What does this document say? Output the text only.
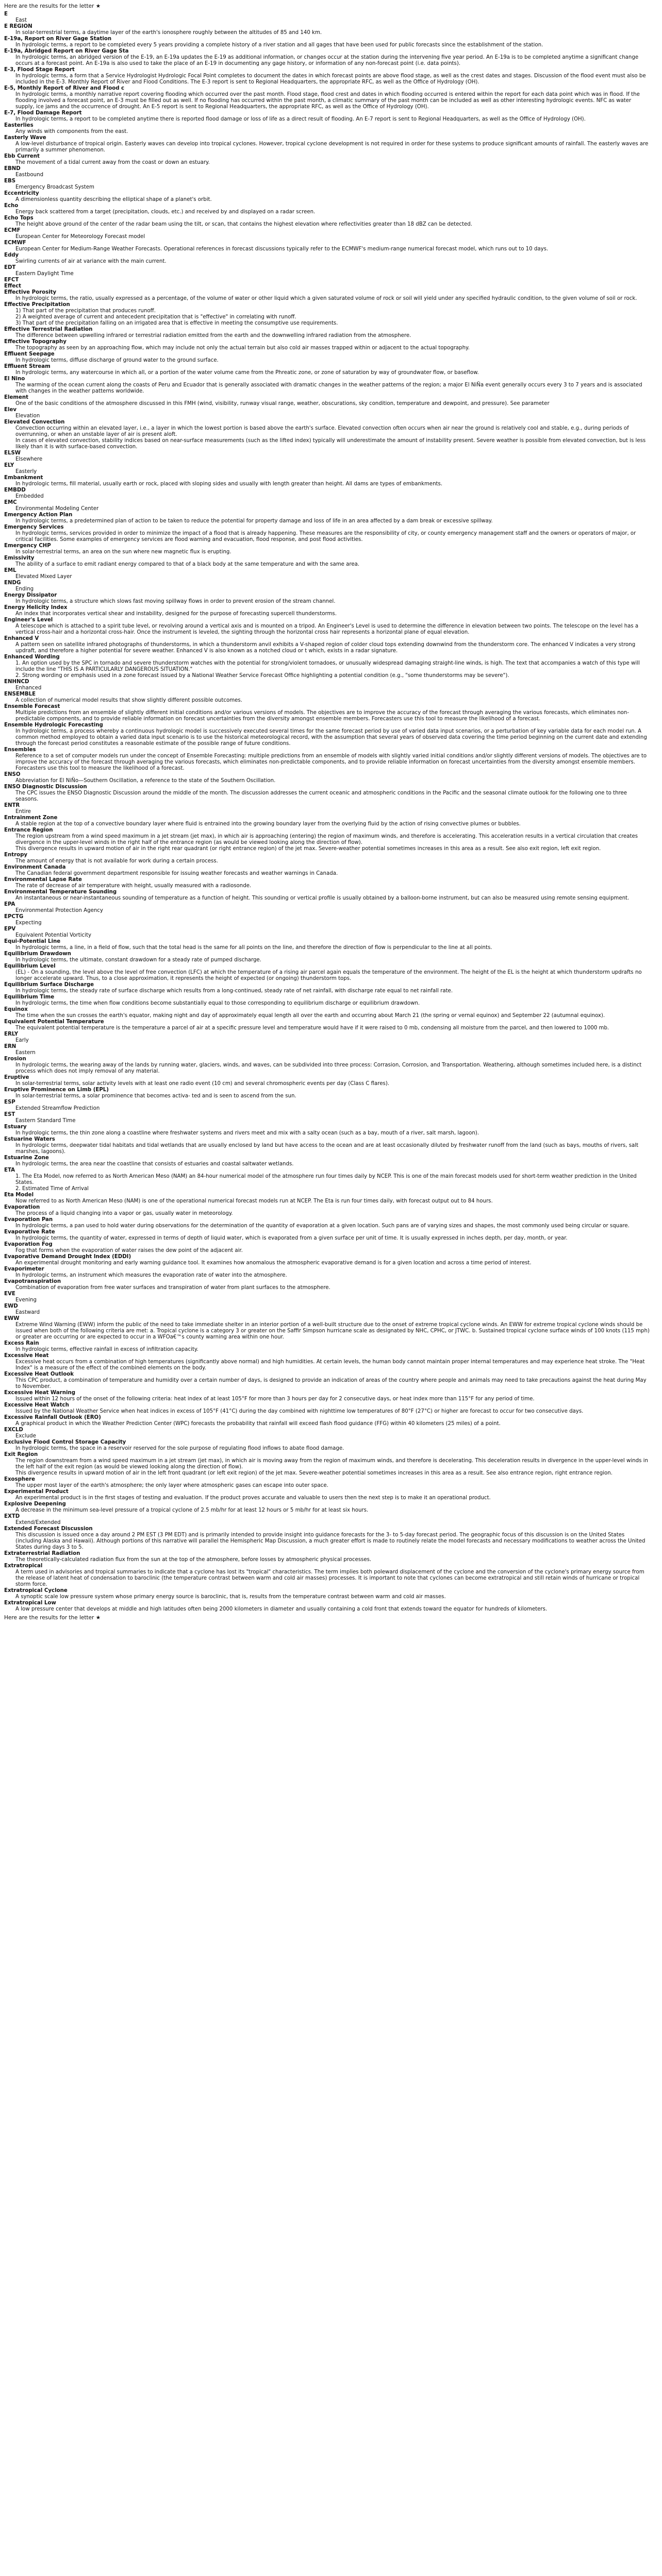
Here are the results for the letter ★
E
East
E REGION
In solar-terrestrial terms, a daytime layer of the earth's ionosphere roughly between the altitudes of 85 and 140 km.
E-19a, Report on River Gage Station
In hydrologic terms, a report to be completed every 5 years providing a complete history of a river station and all gages that have been used for public forecasts since the establishment of the station.
E-19a, Abridged Report on River Gage Sta
In hydrologic terms, an abridged version of the E-19, an E-19a updates the E-19 as additional information, or changes occur at the station during the intervening five year period. An E-19a is to be completed anytime a significant change occurs at a forecast point. An E-19a is also used to take the place of an E-19 in documenting any gage history, or information of any non-forecast point (i.e. data points).
E-3, Flood Stage Report
In hydrologic terms, a form that a Service Hydrologist Hydrologic Focal Point completes to document the dates in which forecast points are above flood stage, as well as the crest dates and stages. Discussion of the flood event must also be included in the E-3. Monthly Report of River and Flood Conditions. The E-3 report is sent to Regional Headquarters, the appropriate RFC, as well as the Office of Hydrology (OH).
E-5, Monthly Report of River and Flood c
In hydrologic terms, a monthly narrative report covering flooding which occurred over the past month. Flood stage, flood crest and dates in which flooding occurred is entered within the report for each data point which was in flood. If the flooding involved a forecast point, an E-3 must be filled out as well. If no flooding has occurred within the past month, a climatic summary of the past month can be included as well as other interesting hydrologic events. NFC as water supply, ice jams and the occurrence of drought. An E-5 report is sent to Regional Headquarters, the appropriate RFC, as well as the Office of Hydrology (OH).
E-7, Flood Damage Report
In hydrologic terms, a report to be completed anytime there is reported flood damage or loss of life as a direct result of flooding. An E-7 report is sent to Regional Headquarters, as well as the Office of Hydrology (OH).
Easterlies
Any winds with components from the east.
Easterly Wave
A low-level disturbance of tropical origin. Easterly waves can develop into tropical cyclones. However, tropical cyclone development is not required in order for these systems to produce significant amounts of rainfall. The easterly waves are primarily a summer phenomenon.
Ebb Current
The movement of a tidal current away from the coast or down an estuary.
EBND
Eastbound
EBS
Emergency Broadcast System
Eccentricity
A dimensionless quantity describing the elliptical shape of a planet's orbit.
Echo
Energy back scattered from a target (precipitation, clouds, etc.) and received by and displayed on a radar screen.
Echo Tops
The height above ground of the center of the radar beam using the tilt, or scan, that contains the highest elevation where reflectivities greater than 18 dBZ can be detected.
ECMF
European Center for Meteorology Forecast model
ECMWF
European Center for Medium-Range Weather Forecasts. Operational references in forecast discussions typically refer to the ECMWF's medium-range numerical forecast model, which runs out to 10 days.
Eddy
Swirling currents of air at variance with the main current.
EDT
Eastern Daylight Time
EFCT
Effect
Effective Porosity
In hydrologic terms, the ratio, usually expressed as a percentage, of the volume of water or other liquid which a given saturated volume of rock or soil will yield under any specified hydraulic condition, to the given volume of soil or rock.
Effective Precipitation
1) That part of the precipitation that produces runoff.
2) A weighted average of current and antecedent precipitation that is "effective" in correlating with runoff.
3) That part of the precipitation falling on an irrigated area that is effective in meeting the consumptive use requirements.
Effective Terrestrial Radiation
The difference between upwelling infrared or terrestrial radiation emitted from the earth and the downwelling infrared radiation from the atmosphere.
Effective Topography
The topography as seen by an approaching flow, which may include not only the actual terrain but also cold air masses trapped within or adjacent to the actual topography.
Effluent Seepage
In hydrologic terms, diffuse discharge of ground water to the ground surface.
Effluent Stream
In hydrologic terms, any watercourse in which all, or a portion of the water volume came from the Phreatic zone, or zone of saturation by way of groundwater flow, or baseflow.
El Nino
The warming of the ocean current along the coasts of Peru and Ecuador that is generally associated with dramatic changes in the weather patterns of the region; a major El NiÑa event generally occurs every 3 to 7 years and is associated with changes in the weather patterns worldwide.
Element
One of the basic conditions of the atmosphere discussed in this FMH (wind, visibility, runway visual range, weather, obscurations, sky condition, temperature and dewpoint, and pressure). See parameter
Elev
Elevation
Elevated Convection
Convection occurring within an elevated layer, i.e., a layer in which the lowest portion is based above the earth's surface. Elevated convection often occurs when air near the ground is relatively cool and stable, e.g., during periods of overrunning, or when an unstable layer of air is present aloft.
In cases of elevated convection, stability indices based on near-surface measurements (such as the lifted index) typically will underestimate the amount of instability present. Severe weather is possible from elevated convection, but is less likely than it is with surface-based convection.
ELSW
Elsewhere
ELY
Easterly
Embankment
In hydrologic terms, fill material, usually earth or rock, placed with sloping sides and usually with length greater than height. All dams are types of embankments.
EMBDD
Embedded
EMC
Environmental Modeling Center
Emergency Action Plan
In hydrologic terms, a predetermined plan of action to be taken to reduce the potential for property damage and loss of life in an area affected by a dam break or excessive spillway.
Emergency Services
In hydrologic terms, services provided in order to minimize the impact of a flood that is already happening. These measures are the responsibility of city, or county emergency management staff and the owners or operators of major, or critical facilities. Some examples of emergency services are flood warning and evacuation, flood response, and post flood activities.
Emergency CHP
In solar-terrestrial terms, an area on the sun where new magnetic flux is erupting.
Emissivity
The ability of a surface to emit radiant energy compared to that of a black body at the same temperature and with the same area.
EML
Elevated Mixed Layer
ENDG
Ending
Energy Dissipator
In hydrologic terms, a structure which slows fast moving spillway flows in order to prevent erosion of the stream channel.
Energy Helicity Index
An index that incorporates vertical shear and instability, designed for the purpose of forecasting supercell thunderstorms.
Engineer's Level
A telescope which is attached to a spirit tube level, or revolving around a vertical axis and is mounted on a tripod. An Engineer's Level is used to determine the difference in elevation between two points. The telescope on the level has a vertical cross-hair and a horizontal cross-hair. Once the instrument is leveled, the sighting through the horizontal cross hair represents a horizontal plane of equal elevation.
Enhanced V
A pattern seen on satellite infrared photographs of thunderstorms, in which a thunderstorm anvil exhibits a V-shaped region of colder cloud tops extending downwind from the thunderstorm core. The enhanced V indicates a very strong updraft, and therefore a higher potential for severe weather. Enhanced V is also known as a notched cloud or t which, exists in a radar signature.
Enhanced Wording
1. An option used by the SPC in tornado and severe thunderstorm watches with the potential for strong/violent tornadoes, or unusually widespread damaging straight-line winds, is high. The text that accompanies a watch of this type will include the line "THIS IS A PARTICULARLY DANGEROUS SITUATION."
2. Strong wording or emphasis used in a zone forecast issued by a National Weather Service Forecast Office highlighting a potential condition (e.g., "some thunderstorms may be severe").
ENHNCD
Enhanced
ENSEMBLE
A collection of numerical model results that show slightly different possible outcomes.
Ensemble Forecast
Multiple predictions from an ensemble of slightly different initial conditions and/or various versions of models. The objectives are to improve the accuracy of the forecast through averaging the various forecasts, which eliminates non-predictable components, and to provide reliable information on forecast uncertainties from the diversity amongst ensemble members. Forecasters use this tool to measure the likelihood of a forecast.
Ensemble Hydrologic Forecasting
In hydrologic terms, a process whereby a continuous hydrologic model is successively executed several times for the same forecast period by use of varied data input scenarios, or a perturbation of key variable data for each model run. A common method employed to obtain a varied data input scenario is to use the historical meteorological record, with the assumption that several years of observed data covering the time period beginning on the current date and extending through the forecast period constitutes a reasonable estimate of the possible range of future conditions.
Ensembles
Reference to a set of computer models run under the concept of Ensemble Forecasting: multiple predictions from an ensemble of models with slightly varied initial conditions and/or slightly different versions of models. The objectives are to improve the accuracy of the forecast through averaging the various forecasts, which eliminates non-predictable components, and to provide reliable information on forecast uncertainties from the diversity amongst ensemble members. Forecasters use this tool to measure the likelihood of a forecast.
ENSO
Abbreviation for El NiÑo—Southern Oscillation, a reference to the state of the Southern Oscillation.
ENSO Diagnostic Discussion
The CPC issues the ENSO Diagnostic Discussion around the middle of the month. The discussion addresses the current oceanic and atmospheric conditions in the Pacific and the seasonal climate outlook for the following one to three seasons.
ENTR
Entire
Entrainment Zone
A stable region at the top of a convective boundary layer where fluid is entrained into the growing boundary layer from the overlying fluid by the action of rising convective plumes or bubbles.
Entrance Region
The region upstream from a wind speed maximum in a jet stream (jet max), in which air is approaching (entering) the region of maximum winds, and therefore is accelerating. This acceleration results in a vertical circulation that creates divergence in the upper-level winds in the right half of the entrance region (as would be viewed looking along the direction of flow).
This divergence results in upward motion of air in the right rear quadrant (or right entrance region) of the jet max. Severe-weather potential sometimes increases in this area as a result. See also exit region, left exit region.
Entropy
The amount of energy that is not available for work during a certain process.
Environment Canada
The Canadian federal government department responsible for issuing weather forecasts and weather warnings in Canada.
Environmental Lapse Rate
The rate of decrease of air temperature with height, usually measured with a radiosonde.
Environmental Temperature Sounding
An instantaneous or near-instantaneous sounding of temperature as a function of height. This sounding or vertical profile is usually obtained by a balloon-borne instrument, but can also be measured using remote sensing equipment.
EPA
Environmental Protection Agency
EPCTG
Expecting
EPV
Equivalent Potential Vorticity
Equi-Potential Line
In hydrologic terms, a line, in a field of flow, such that the total head is the same for all points on the line, and therefore the direction of flow is perpendicular to the line at all points.
Equilibrium Drawdown
In hydrologic terms, the ultimate, constant drawdown for a steady rate of pumped discharge.
Equilibrium Level
(EL) - On a sounding, the level above the level of free convection (LFC) at which the temperature of a rising air parcel again equals the temperature of the environment. The height of the EL is the height at which thunderstorm updrafts no longer accelerate upward. Thus, to a close approximation, it represents the height of expected (or ongoing) thunderstorm tops.
Equilibrium Surface Discharge
In hydrologic terms, the steady rate of surface discharge which results from a long-continued, steady rate of net rainfall, with discharge rate equal to net rainfall rate.
Equilibrium Time
In hydrologic terms, the time when flow conditions become substantially equal to those corresponding to equilibrium discharge or equilibrium drawdown.
Equinox
The time when the sun crosses the earth's equator, making night and day of approximately equal length all over the earth and occurring about March 21 (the spring or vernal equinox) and September 22 (autumnal equinox).
Equivalent Potential Temperature
The equivalent potential temperature is the temperature a parcel of air at a specific pressure level and temperature would have if it were raised to 0 mb, condensing all moisture from the parcel, and then lowered to 1000 mb.
ERLY
Early
ERN
Eastern
Erosion
In hydrologic terms, the wearing away of the lands by running water, glaciers, winds, and waves, can be subdivided into three process: Corrasion, Corrosion, and Transportation. Weathering, although sometimes included here, is a distinct process which does not imply removal of any material.
Eruptive
In solar-terrestrial terms, solar activity levels with at least one radio event (10 cm) and several chromospheric events per day (Class C flares).
Eruptive Prominence on Limb (EPL)
In solar-terrestrial terms, a solar prominence that becomes activa- ted and is seen to ascend from the sun.
ESP
Extended Streamflow Prediction
EST
Eastern Standard Time
Estuary
In hydrologic terms, the thin zone along a coastline where freshwater systems and rivers meet and mix with a salty ocean (such as a bay, mouth of a river, salt marsh, lagoon).
Estuarine Waters
In hydrologic terms, deepwater tidal habitats and tidal wetlands that are usually enclosed by land but have access to the ocean and are at least occasionally diluted by freshwater runoff from the land (such as bays, mouths of rivers, salt marshes, lagoons).
Estuarine Zone
In hydrologic terms, the area near the coastline that consists of estuaries and coastal saltwater wetlands.
ETA
1. The Eta Model, now referred to as North American Meso (NAM) an 84-hour numerical model of the atmosphere run four times daily by NCEP. This is one of the main forecast models used for short-term weather prediction in the United States.
2. Estimated Time of Arrival
Eta Model
Now referred to as North American Meso (NAM) is one of the operational numerical forecast models run at NCEP. The Eta is run four times daily, with forecast output out to 84 hours.
Evaporation
The process of a liquid changing into a vapor or gas, usually water in meteorology.
Evaporation Pan
In hydrologic terms, a pan used to hold water during observations for the determination of the quantity of evaporation at a given location. Such pans are of varying sizes and shapes, the most commonly used being circular or square.
Evaporative Rate
In hydrologic terms, the quantity of water, expressed in terms of depth of liquid water, which is evaporated from a given surface per unit of time. It is usually expressed in inches depth, per day, month, or year.
Evaporation Fog
Fog that forms when the evaporation of water raises the dew point of the adjacent air.
Evaporative Demand Drought Index (EDDI)
An experimental drought monitoring and early warning guidance tool. It examines how anomalous the atmospheric evaporative demand is for a given location and across a time period of interest.
Evaporimeter
In hydrologic terms, an instrument which measures the evaporation rate of water into the atmosphere.
Evapotranspiration
Combination of evaporation from free water surfaces and transpiration of water from plant surfaces to the atmosphere.
EVE
Evening
EWD
Eastward
EWW
Extreme Wind Warning (EWW) inform the public of the need to take immediate shelter in an interior portion of a well-built structure due to the onset of extreme tropical cyclone winds. An EWW for extreme tropical cyclone winds should be issued when both of the following criteria are met: a. Tropical cyclone is a category 3 or greater on the Saffir Simpson hurricane scale as designated by NHC, CPHC, or JTWC. b. Sustained tropical cyclone surface winds of 100 knots (115 mph) or greater are occurring or are expected to occur in a WFOa€™s county warning area within one hour.
Excess Rain
In hydrologic terms, effective rainfall in excess of infiltration capacity.
Excessive Heat
Excessive heat occurs from a combination of high temperatures (significantly above normal) and high humidities. At certain levels, the human body cannot maintain proper internal temperatures and may experience heat stroke. The "Heat Index" is a measure of the effect of the combined elements on the body.
Excessive Heat Outlook
This CPC product, a combination of temperature and humidity over a certain number of days, is designed to provide an indication of areas of the country where people and animals may need to take precautions against the heat during May to November.
Excessive Heat Warning
Issued within 12 hours of the onset of the following criteria: heat index of at least 105°F for more than 3 hours per day for 2 consecutive days, or heat index more than 115°F for any period of time.
Excessive Heat Watch
Issued by the National Weather Service when heat indices in excess of 105°F (41°C) during the day combined with nighttime low temperatures of 80°F (27°C) or higher are forecast to occur for two consecutive days.
Excessive Rainfall Outlook (ERO)
A graphical product in which the Weather Prediction Center (WPC) forecasts the probability that rainfall will exceed flash flood guidance (FFG) within 40 kilometers (25 miles) of a point.
EXCLD
Exclude
Exclusive Flood Control Storage Capacity
In hydrologic terms, the space in a reservoir reserved for the sole purpose of regulating flood inflows to abate flood damage.
Exit Region
The region downstream from a wind speed maximum in a jet stream (jet max), in which air is moving away from the region of maximum winds, and therefore is decelerating. This deceleration results in divergence in the upper-level winds in the left half of the exit region (as would be viewed looking along the direction of flow).
This divergence results in upward motion of air in the left front quadrant (or left exit region) of the jet max. Severe-weather potential sometimes increases in this area as a result. See also entrance region, right entrance region.
Exosphere
The upper most layer of the earth's atmosphere; the only layer where atmospheric gases can escape into outer space.
Experimental Product
An experimental product is in the first stages of testing and evaluation. If the product proves accurate and valuable to users then the next step is to make it an operational product.
Explosive Deepening
A decrease in the minimum sea-level pressure of a tropical cyclone of 2.5 mb/hr for at least 12 hours or 5 mb/hr for at least six hours.
EXTD
Extend/Extended
Extended Forecast Discussion
This discussion is issued once a day around 2 PM EST (3 PM EDT) and is primarily intended to provide insight into guidance forecasts for the 3- to 5-day forecast period. The geographic focus of this discussion is on the United States (including Alaska and Hawaii). Although portions of this narrative will parallel the Hemispheric Map Discussion, a much greater effort is made to routinely relate the model forecasts and necessary modifications to weather across the United States during days 3 to 5.
Extraterrestrial Radiation
The theoretically-calculated radiation flux from the sun at the top of the atmosphere, before losses by atmospheric physical processes.
Extratropical
A term used in advisories and tropical summaries to indicate that a cyclone has lost its "tropical" characteristics. The term implies both poleward displacement of the cyclone and the conversion of the cyclone's primary energy source from the release of latent heat of condensation to baroclinic (the temperature contrast between warm and cold air masses) processes. It is important to note that cyclones can become extratropical and still retain winds of hurricane or tropical storm force.
Extratropical Cyclone
A synoptic scale low pressure system whose primary energy source is baroclinic, that is, results from the temperature contrast between warm and cold air masses.
Extratropical Low
A low pressure center that develops at middle and high latitudes often being 2000 kilometers in diameter and usually containing a cold front that extends toward the equator for hundreds of kilometers.
Here are the results for the letter ★
